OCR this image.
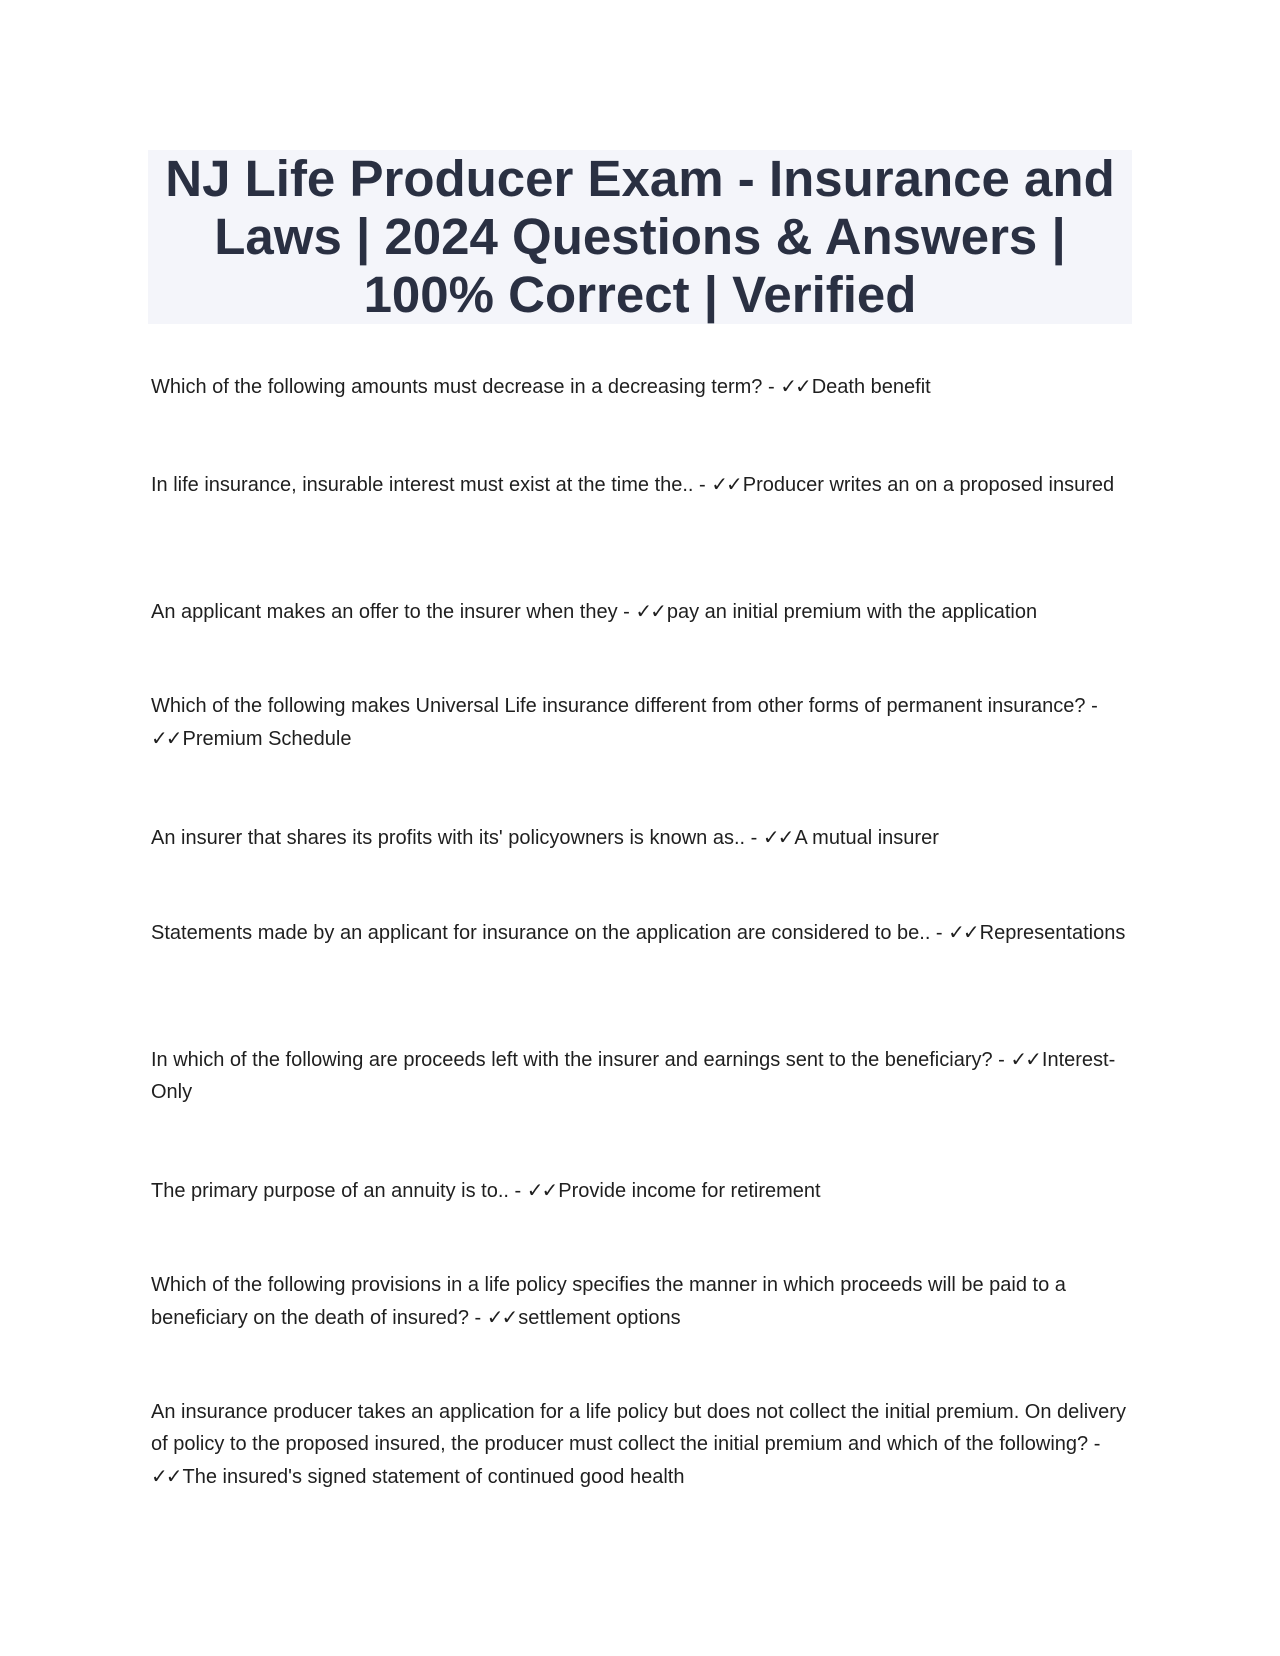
NJ Life Producer Exam - Insurance and Laws | 2024 Questions & Answers | 100% Correct | Verified
Which of the following amounts must decrease in a decreasing term? - ✓✓ Death benefit
In life insurance, insurable interest must exist at the time the.. - ✓✓ Producer writes an on a proposed insured
An applicant makes an offer to the insurer when they - ✓✓ pay an initial premium with the application
Which of the following makes Universal Life insurance different from other forms of permanent insurance? - ✓✓ Premium Schedule
An insurer that shares its profits with its' policyowners is known as.. - ✓✓ A mutual insurer
Statements made by an applicant for insurance on the application are considered to be.. - ✓✓ Representations
In which of the following are proceeds left with the insurer and earnings sent to the beneficiary? - ✓✓ Interest-Only
The primary purpose of an annuity is to.. - ✓✓ Provide income for retirement
Which of the following provisions in a life policy specifies the manner in which proceeds will be paid to a beneficiary on the death of insured? - ✓✓ settlement options
An insurance producer takes an application for a life policy but does not collect the initial premium. On delivery of policy to the proposed insured, the producer must collect the initial premium and which of the following? - ✓✓ The insured's signed statement of continued good health
